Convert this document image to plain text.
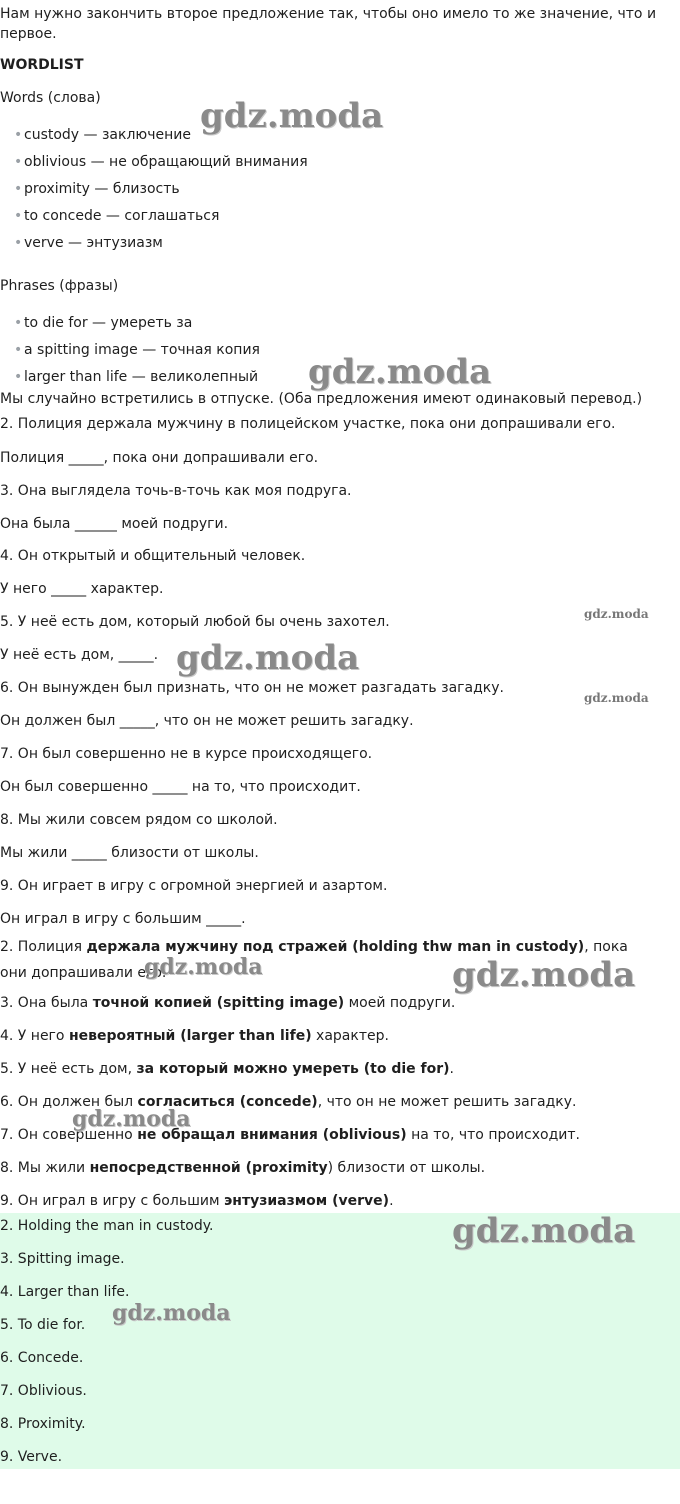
Нам нужно закончить второе предложение так, чтобы оно имело то же значение, что и первое.
WORDLIST
Words (слова)
• custody — заключение
• oblivious — не обращающий внимания
• proximity — близость
• to concede — соглашаться
• verve — энтузиазм
Phrases (фразы)
• to die for — умереть за
• a spitting image — точная копия
• larger than life — великолепный
Мы случайно встретились в отпуске. (Оба предложения имеют одинаковый перевод.)
2. Полиция держала мужчину в полицейском участке, пока они допрашивали его.
Полиция _____, пока они допрашивали его.
3. Она выглядела точь-в-точь как моя подруга.
Она была ______ моей подруги.
4. Он открытый и общительный человек.
У него _____ характер.
5. У неё есть дом, который любой бы очень захотел.
У неё есть дом, _____.
6. Он вынужден был признать, что он не может разгадать загадку.
Он должен был _____, что он не может решить загадку.
7. Он был совершенно не в курсе происходящего.
Он был совершенно _____ на то, что происходит.
8. Мы жили совсем рядом со школой.
Мы жили _____ близости от школы.
9. Он играет в игру с огромной энергией и азартом.
Он играл в игру с большим _____.
2. Полиция держала мужчину под стражей (holding thw man in custody), пока они допрашивали его.
3. Она была точной копией (spitting image) моей подруги.
4. У него невероятный (larger than life) характер.
5. У неё есть дом, за который можно умереть (to die for).
6. Он должен был согласиться (concede), что он не может решить загадку.
7. Он совершенно не обращал внимания (oblivious) на то, что происходит.
8. Мы жили непосредственной (proximity) близости от школы.
9. Он играл в игру с большим энтузиазмом (verve).
2. Holding the man in custody.
3. Spitting image.
4. Larger than life.
5. To die for.
6. Concede.
7. Oblivious.
8. Proximity.
9. Verve.
gdz.moda
gdz.moda
gdz.moda
gdz.moda
gdz.moda
gdz.moda	gdz.moda
gdz.moda
gdz.moda
gdz.moda
